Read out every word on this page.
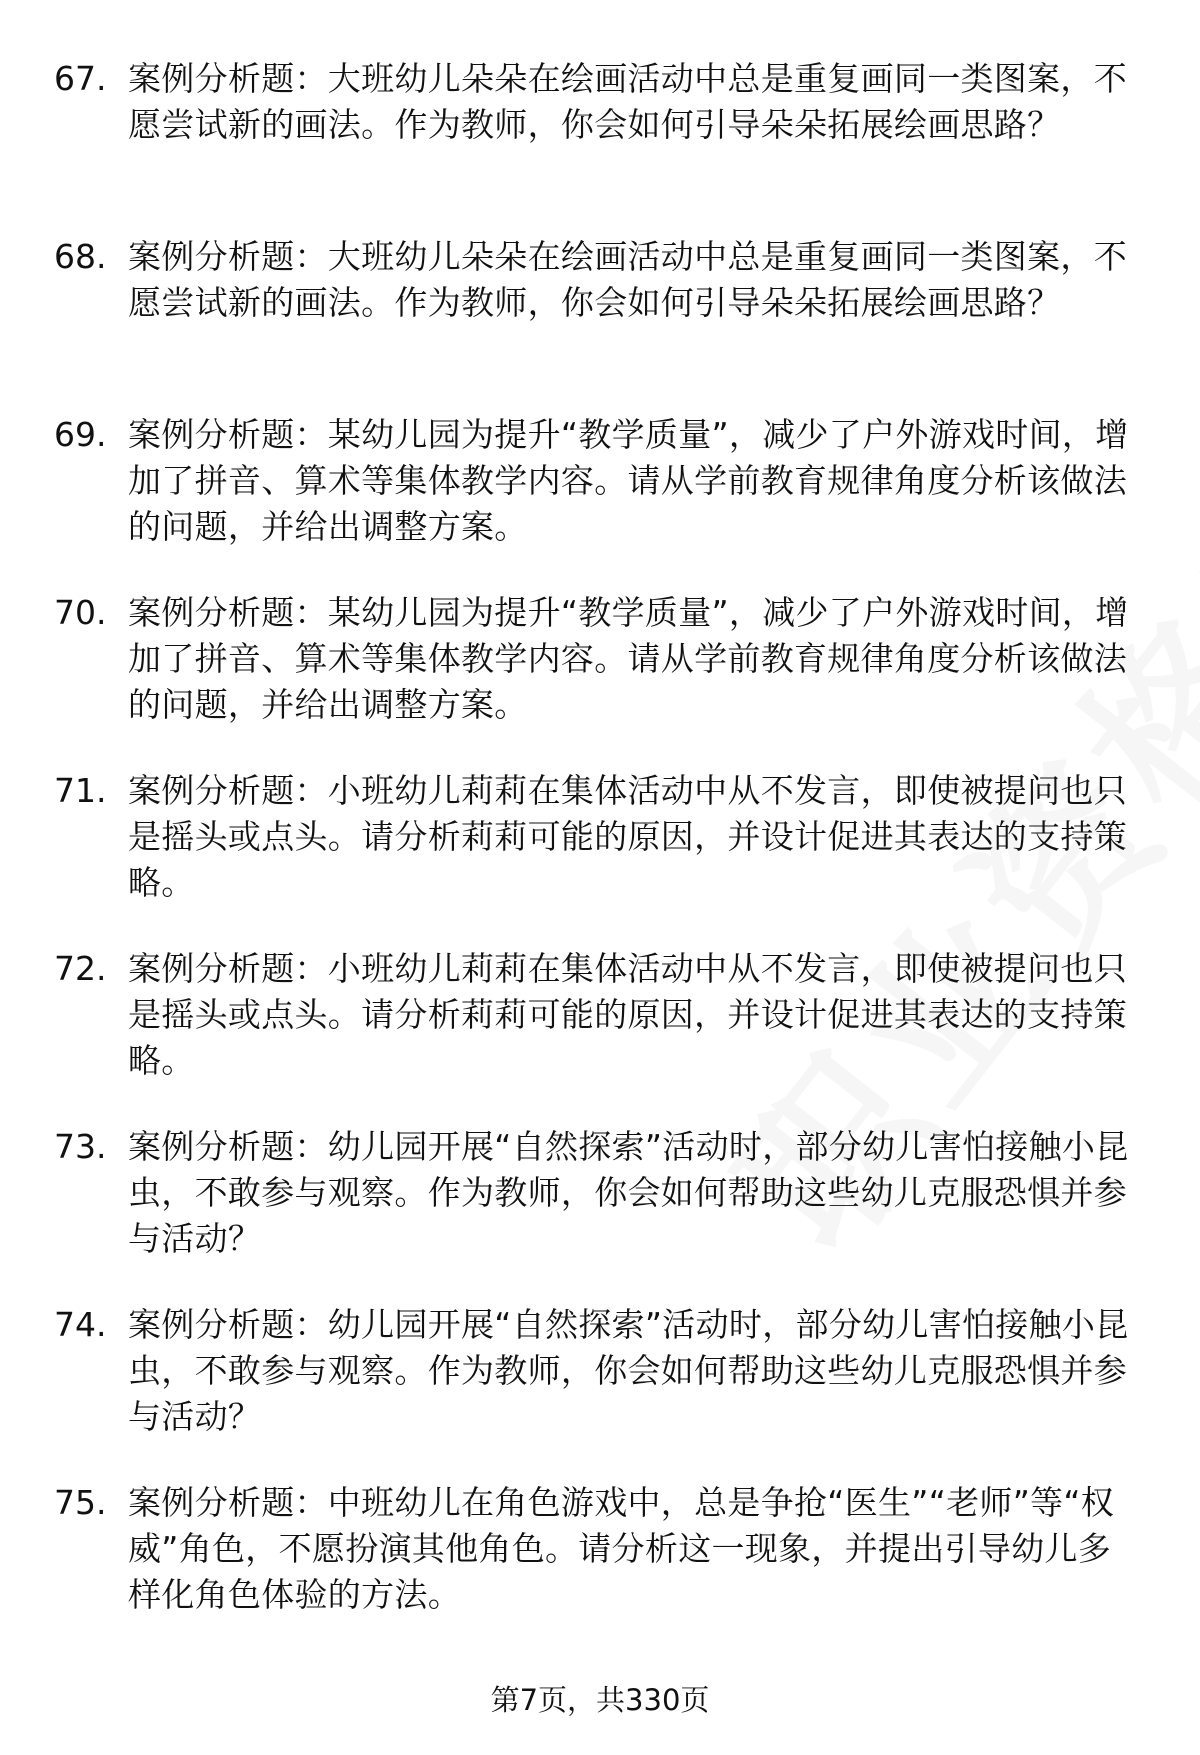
67. 案例分析题：大班幼儿朵朵在绘画活动中总是重复画同一类图案，不愿尝试新的画法。作为教师，你会如何引导朵朵拓展绘画思路？
68. 案例分析题：大班幼儿朵朵在绘画活动中总是重复画同一类图案，不愿尝试新的画法。作为教师，你会如何引导朵朵拓展绘画思路？
69. 案例分析题：某幼儿园为提升“教学质量”，减少了户外游戏时间，增加了拼音、算术等集体教学内容。请从学前教育规律角度分析该做法的问题，并给出调整方案。
70. 案例分析题：某幼儿园为提升“教学质量”，减少了户外游戏时间，增加了拼音、算术等集体教学内容。请从学前教育规律角度分析该做法的问题，并给出调整方案。
71. 案例分析题：小班幼儿莉莉在集体活动中从不发言，即使被提问也只是摇头或点头。请分析莉莉可能的原因，并设计促进其表达的支持策略。
72. 案例分析题：小班幼儿莉莉在集体活动中从不发言，即使被提问也只是摇头或点头。请分析莉莉可能的原因，并设计促进其表达的支持策略。
73. 案例分析题：幼儿园开展“自然探索”活动时，部分幼儿害怕接触小昆虫，不敢参与观察。作为教师，你会如何帮助这些幼儿克服恐惧并参与活动？
74. 案例分析题：幼儿园开展“自然探索”活动时，部分幼儿害怕接触小昆虫，不敢参与观察。作为教师，你会如何帮助这些幼儿克服恐惧并参与活动？
75. 案例分析题：中班幼儿在角色游戏中，总是争抢“医生”“老师”等“权威”角色，不愿扮演其他角色。请分析这一现象，并提出引导幼儿多样化角色体验的方法。
第7页，共330页
